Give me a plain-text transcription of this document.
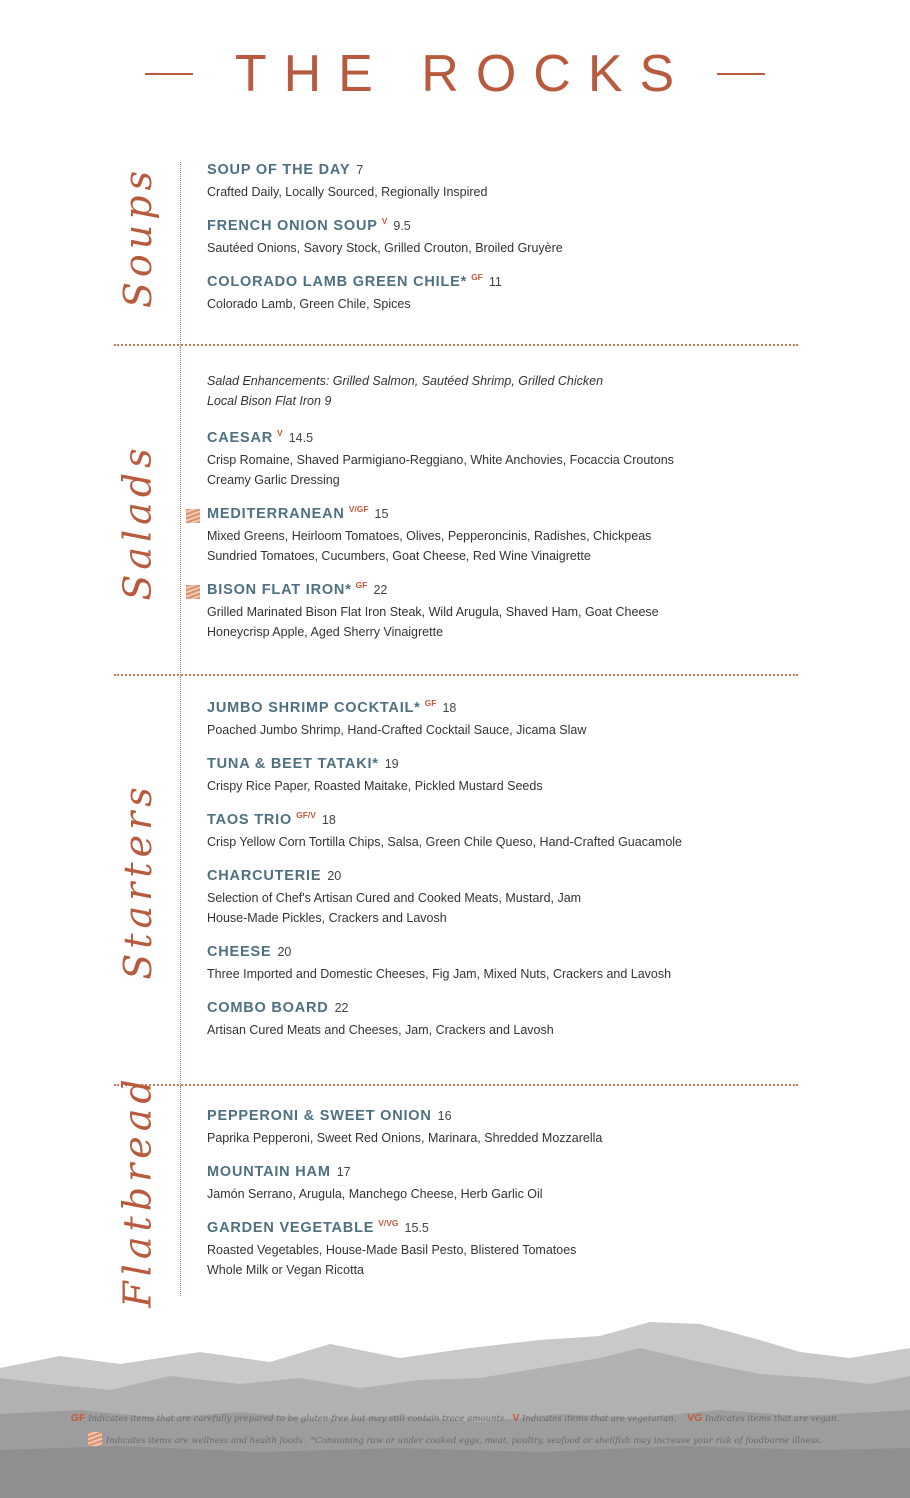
THE ROCKS
Soups	SOUP OF THE DAY 7
Crafted Daily, Locally Sourced, Regionally Inspired
FRENCH ONION SOUP V 9.5
Sautéed Onions, Savory Stock, Grilled Crouton, Broiled Gruyère
COLORADO LAMB GREEN CHILE* GF 11
Colorado Lamb, Green Chile, Spices
Salads
Salad Enhancements: Grilled Salmon, Sautéed Shrimp, Grilled Chicken
Local Bison Flat Iron 9
CAESAR V 14.5
Crisp Romaine, Shaved Parmigiano-Reggiano, White Anchovies, Focaccia Croutons
Creamy Garlic Dressing
MEDITERRANEAN V/GF 15
Mixed Greens, Heirloom Tomatoes, Olives, Pepperoncinis, Radishes, Chickpeas
Sundried Tomatoes, Cucumbers, Goat Cheese, Red Wine Vinaigrette
BISON FLAT IRON* GF 22
Grilled Marinated Bison Flat Iron Steak, Wild Arugula, Shaved Ham, Goat Cheese
Honeycrisp Apple, Aged Sherry Vinaigrette
Starters
JUMBO SHRIMP COCKTAIL* GF 18
Poached Jumbo Shrimp, Hand-Crafted Cocktail Sauce, Jicama Slaw
TUNA & BEET TATAKI* 19
Crispy Rice Paper, Roasted Maitake, Pickled Mustard Seeds
TAOS TRIO GF/V 18
Crisp Yellow Corn Tortilla Chips, Salsa, Green Chile Queso, Hand-Crafted Guacamole
CHARCUTERIE 20
Selection of Chef's Artisan Cured and Cooked Meats, Mustard, Jam
House-Made Pickles, Crackers and Lavosh
CHEESE 20
Three Imported and Domestic Cheeses, Fig Jam, Mixed Nuts, Crackers and Lavosh
COMBO BOARD 22
Artisan Cured Meats and Cheeses, Jam, Crackers and Lavosh
Flatbread	PEPPERONI & SWEET ONION 16
Paprika Pepperoni, Sweet Red Onions, Marinara, Shredded Mozzarella
MOUNTAIN HAM 17
Jamón Serrano, Arugula, Manchego Cheese, Herb Garlic Oil
GARDEN VEGETABLE V/VG 15.5
Roasted Vegetables, House-Made Basil Pesto, Blistered Tomatoes
Whole Milk or Vegan Ricotta
GF Indicates items that are carefully prepared to be gluten-free but may still contain trace amounts. V Indicates items that are vegetarian. VG Indicates items that are vegan.
Indicates items are wellness and health foods. *Consuming raw or under cooked eggs, meat, poultry, seafood or shellfish may increase your risk of foodborne illness.
